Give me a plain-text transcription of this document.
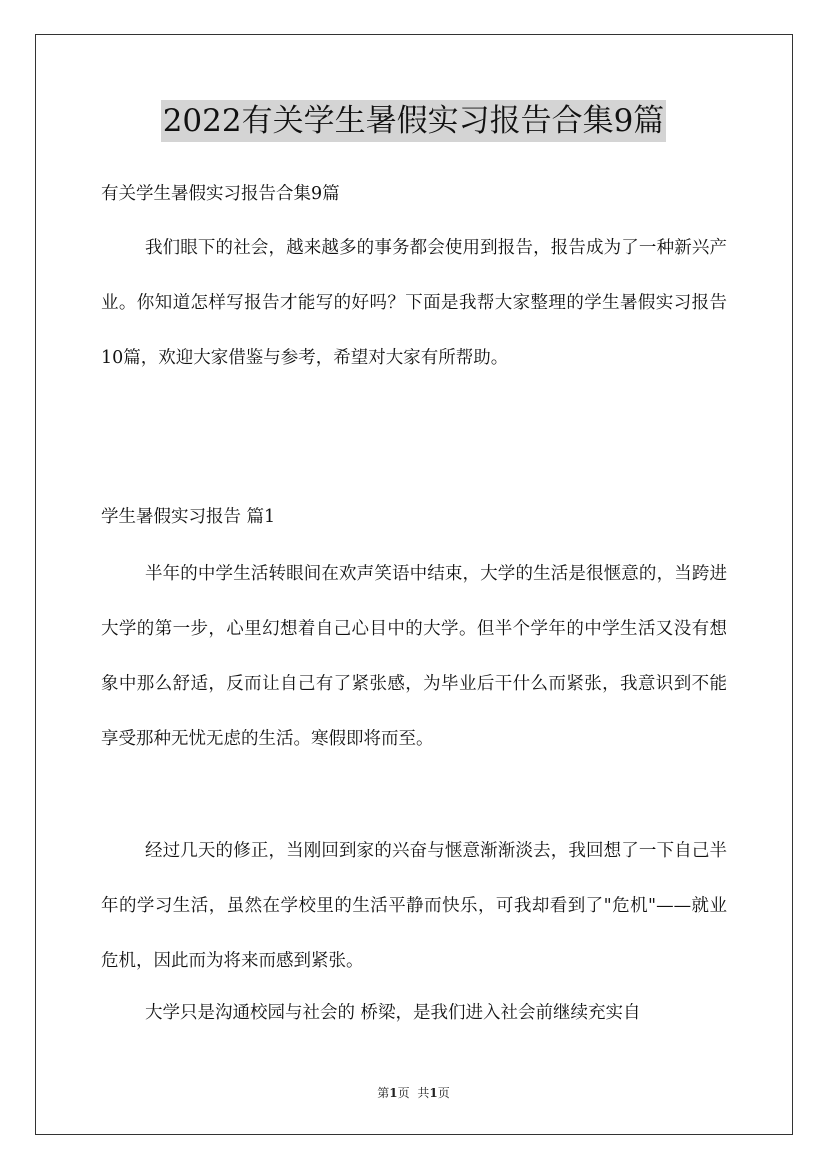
2022有关学生暑假实习报告合集9篇
有关学生暑假实习报告合集9篇
我们眼下的社会，越来越多的事务都会使用到报告，报告成为了一种新兴产业。你知道怎样写报告才能写的好吗？下面是我帮大家整理的学生暑假实习报告10篇，欢迎大家借鉴与参考，希望对大家有所帮助。
学生暑假实习报告 篇1
半年的中学生活转眼间在欢声笑语中结束，大学的生活是很惬意的，当跨进大学的第一步，心里幻想着自己心目中的大学。但半个学年的中学生活又没有想象中那么舒适，反而让自己有了紧张感，为毕业后干什么而紧张，我意识到不能享受那种无忧无虑的生活。寒假即将而至。
经过几天的修正，当刚回到家的兴奋与惬意渐渐淡去，我回想了一下自己半年的学习生活，虽然在学校里的生活平静而快乐，可我却看到了"危机"——就业危机，因此而为将来而感到紧张。
大学只是沟通校园与社会的 桥梁，是我们进入社会前继续充实自
第1页 共1页
